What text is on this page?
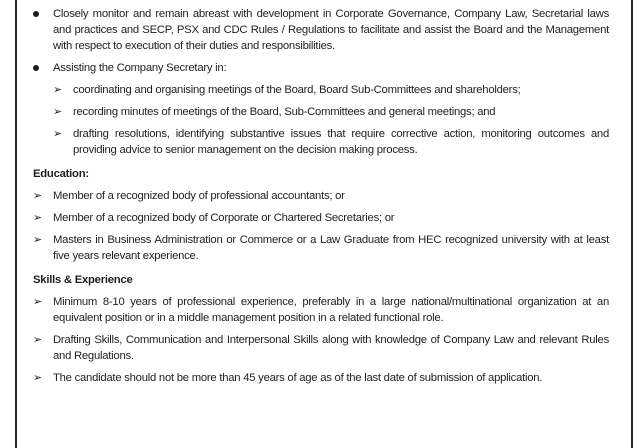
Closely monitor and remain abreast with development in Corporate Governance, Company Law, Secretarial laws and practices and SECP, PSX and CDC Rules / Regulations to facilitate and assist the Board and the Management with respect to execution of their duties and responsibilities.
Assisting the Company Secretary in:
➢ coordinating and organising meetings of the Board, Board Sub-Committees and shareholders;
➢ recording minutes of meetings of the Board, Sub-Committees and general meetings; and
➢ drafting resolutions, identifying substantive issues that require corrective action, monitoring outcomes and providing advice to senior management on the decision making process.
Education:
➢ Member of a recognized body of professional accountants; or
➢ Member of a recognized body of Corporate or Chartered Secretaries; or
➢ Masters in Business Administration or Commerce or a Law Graduate from HEC recognized university with at least five years relevant experience.
Skills & Experience
➢ Minimum 8-10 years of professional experience, preferably in a large national/multinational organization at an equivalent position or in a middle management position in a related functional role.
➢ Drafting Skills, Communication and Interpersonal Skills along with knowledge of Company Law and relevant Rules and Regulations.
➢ The candidate should not be more than 45 years of age as of the last date of submission of application.
